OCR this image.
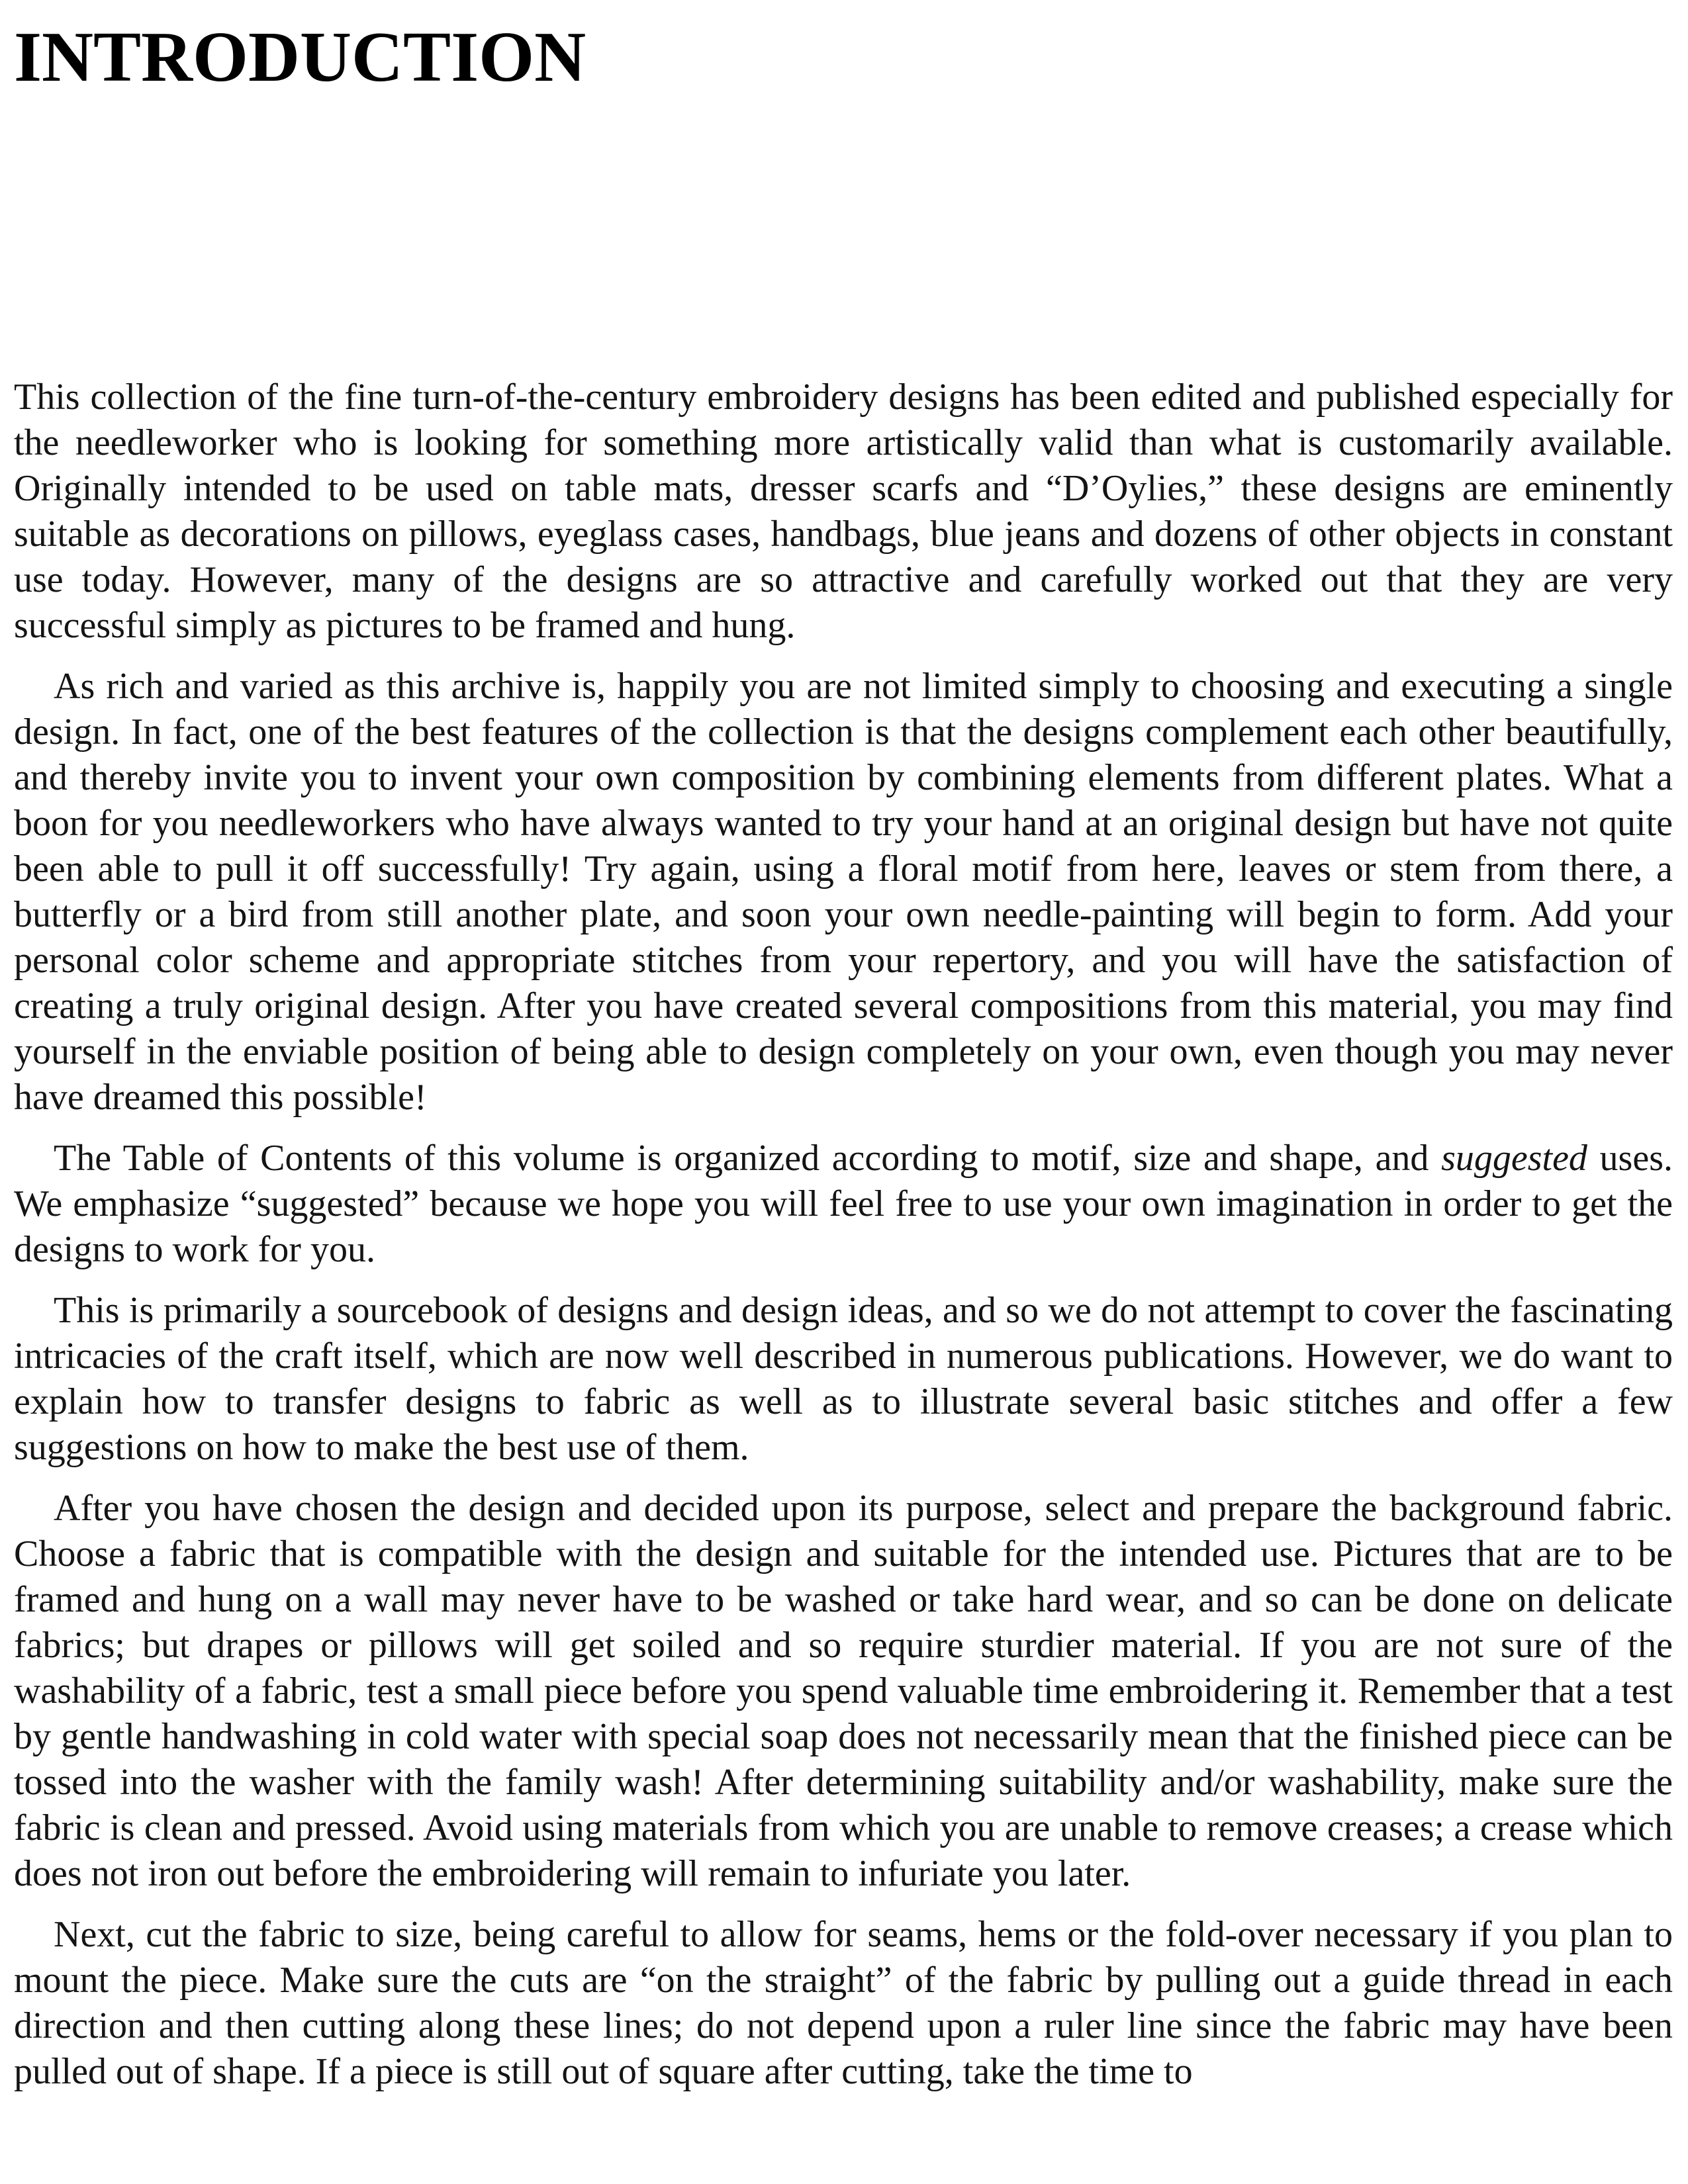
INTRODUCTION

This collection of the fine turn-of-the-century embroidery designs has been edited and published especially for the needleworker who is looking for something more artistically valid than what is customarily available. Originally intended to be used on table mats, dresser scarfs and “D’Oylies,” these designs are eminently suitable as decorations on pillows, eyeglass cases, handbags, blue jeans and dozens of other objects in constant use today. However, many of the designs are so attractive and carefully worked out that they are very successful simply as pictures to be framed and hung.

As rich and varied as this archive is, happily you are not limited simply to choosing and executing a single design. In fact, one of the best features of the collection is that the designs complement each other beautifully, and thereby invite you to invent your own composition by combining elements from different plates. What a boon for you needleworkers who have always wanted to try your hand at an original design but have not quite been able to pull it off successfully! Try again, using a floral motif from here, leaves or stem from there, a butterfly or a bird from still another plate, and soon your own needle-painting will begin to form. Add your personal color scheme and appropriate stitches from your repertory, and you will have the satisfaction of creating a truly original design. After you have created several compositions from this material, you may find yourself in the enviable position of being able to design completely on your own, even though you may never have dreamed this possible!

The Table of Contents of this volume is organized according to motif, size and shape, and suggested uses. We emphasize “suggested” because we hope you will feel free to use your own imagination in order to get the designs to work for you.

This is primarily a sourcebook of designs and design ideas, and so we do not attempt to cover the fascinating intricacies of the craft itself, which are now well described in numerous publications. However, we do want to explain how to transfer designs to fabric as well as to illustrate several basic stitches and offer a few suggestions on how to make the best use of them.

After you have chosen the design and decided upon its purpose, select and prepare the background fabric. Choose a fabric that is compatible with the design and suitable for the intended use. Pictures that are to be framed and hung on a wall may never have to be washed or take hard wear, and so can be done on delicate fabrics; but drapes or pillows will get soiled and so require sturdier material. If you are not sure of the washability of a fabric, test a small piece before you spend valuable time embroidering it. Remember that a test by gentle handwashing in cold water with special soap does not necessarily mean that the finished piece can be tossed into the washer with the family wash! After determining suitability and/or washability, make sure the fabric is clean and pressed. Avoid using materials from which you are unable to remove creases; a crease which does not iron out before the embroidering will remain to infuriate you later.

Next, cut the fabric to size, being careful to allow for seams, hems or the fold-over necessary if you plan to mount the piece. Make sure the cuts are “on the straight” of the fabric by pulling out a guide thread in each direction and then cutting along these lines; do not depend upon a ruler line since the fabric may have been pulled out of shape. If a piece is still out of square after cutting, take the time to
